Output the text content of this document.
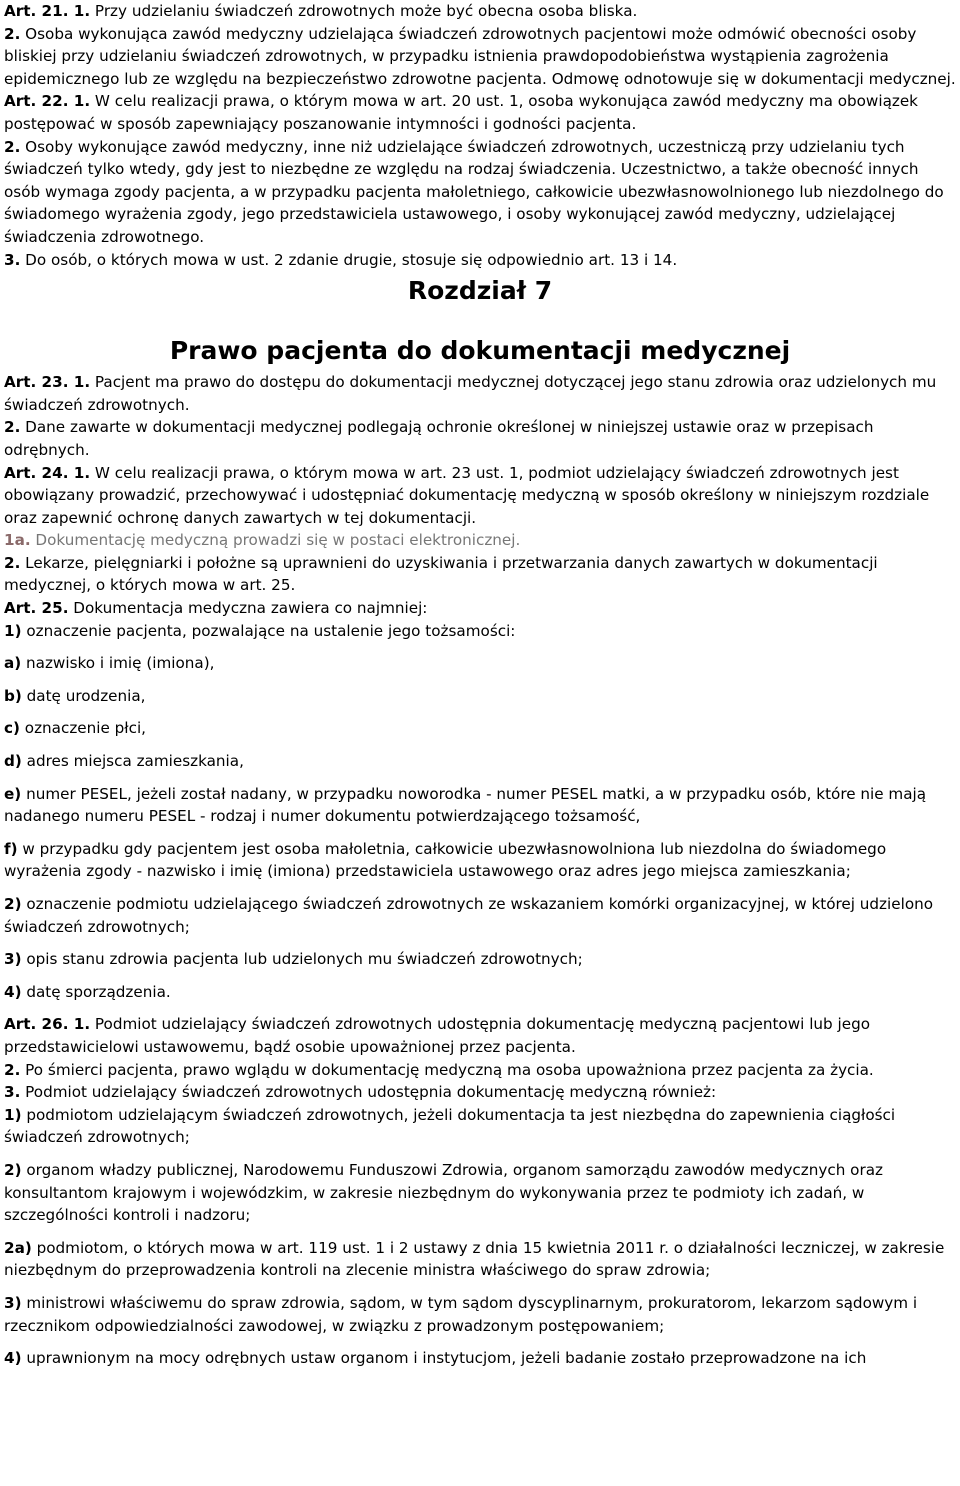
Art. 21. 1. Przy udzielaniu świadczeń zdrowotnych może być obecna osoba bliska.

2. Osoba wykonująca zawód medyczny udzielająca świadczeń zdrowotnych pacjentowi może odmówić obecności osoby bliskiej przy udzielaniu świadczeń zdrowotnych, w przypadku istnienia prawdopodobieństwa wystąpienia zagrożenia epidemicznego lub ze względu na bezpieczeństwo zdrowotne pacjenta. Odmowę odnotowuje się w dokumentacji medycznej.

Art. 22. 1. W celu realizacji prawa, o którym mowa w art. 20 ust. 1, osoba wykonująca zawód medyczny ma obowiązek postępować w sposób zapewniający poszanowanie intymności i godności pacjenta.

2. Osoby wykonujące zawód medyczny, inne niż udzielające świadczeń zdrowotnych, uczestniczą przy udzielaniu tych świadczeń tylko wtedy, gdy jest to niezbędne ze względu na rodzaj świadczenia. Uczestnictwo, a także obecność innych osób wymaga zgody pacjenta, a w przypadku pacjenta małoletniego, całkowicie ubezwłasnowolnionego lub niezdolnego do świadomego wyrażenia zgody, jego przedstawiciela ustawowego, i osoby wykonującej zawód medyczny, udzielającej świadczenia zdrowotnego.

3. Do osób, o których mowa w ust. 2 zdanie drugie, stosuje się odpowiednio art. 13 i 14.

Rozdział 7
Prawo pacjenta do dokumentacji medycznej

Art. 23. 1. Pacjent ma prawo do dostępu do dokumentacji medycznej dotyczącej jego stanu zdrowia oraz udzielonych mu świadczeń zdrowotnych.

2. Dane zawarte w dokumentacji medycznej podlegają ochronie określonej w niniejszej ustawie oraz w przepisach odrębnych.

Art. 24. 1. W celu realizacji prawa, o którym mowa w art. 23 ust. 1, podmiot udzielający świadczeń zdrowotnych jest obowiązany prowadzić, przechowywać i udostępniać dokumentację medyczną w sposób określony w niniejszym rozdziale oraz zapewnić ochronę danych zawartych w tej dokumentacji.

1a. Dokumentację medyczną prowadzi się w postaci elektronicznej.

2. Lekarze, pielęgniarki i położne są uprawnieni do uzyskiwania i przetwarzania danych zawartych w dokumentacji medycznej, o których mowa w art. 25.

Art. 25. Dokumentacja medyczna zawiera co najmniej:

1) oznaczenie pacjenta, pozwalające na ustalenie jego tożsamości:

a) nazwisko i imię (imiona),

b) datę urodzenia,

c) oznaczenie płci,

d) adres miejsca zamieszkania,

e) numer PESEL, jeżeli został nadany, w przypadku noworodka - numer PESEL matki, a w przypadku osób, które nie mają nadanego numeru PESEL - rodzaj i numer dokumentu potwierdzającego tożsamość,

f) w przypadku gdy pacjentem jest osoba małoletnia, całkowicie ubezwłasnowolniona lub niezdolna do świadomego wyrażenia zgody - nazwisko i imię (imiona) przedstawiciela ustawowego oraz adres jego miejsca zamieszkania;

2) oznaczenie podmiotu udzielającego świadczeń zdrowotnych ze wskazaniem komórki organizacyjnej, w której udzielono świadczeń zdrowotnych;

3) opis stanu zdrowia pacjenta lub udzielonych mu świadczeń zdrowotnych;

4) datę sporządzenia.

Art. 26. 1. Podmiot udzielający świadczeń zdrowotnych udostępnia dokumentację medyczną pacjentowi lub jego przedstawicielowi ustawowemu, bądź osobie upoważnionej przez pacjenta.

2. Po śmierci pacjenta, prawo wglądu w dokumentację medyczną ma osoba upoważniona przez pacjenta za życia.

3. Podmiot udzielający świadczeń zdrowotnych udostępnia dokumentację medyczną również:

1) podmiotom udzielającym świadczeń zdrowotnych, jeżeli dokumentacja ta jest niezbędna do zapewnienia ciągłości świadczeń zdrowotnych;

2) organom władzy publicznej, Narodowemu Funduszowi Zdrowia, organom samorządu zawodów medycznych oraz konsultantom krajowym i wojewódzkim, w zakresie niezbędnym do wykonywania przez te podmioty ich zadań, w szczególności kontroli i nadzoru;

2a) podmiotom, o których mowa w art. 119 ust. 1 i 2 ustawy z dnia 15 kwietnia 2011 r. o działalności leczniczej, w zakresie niezbędnym do przeprowadzenia kontroli na zlecenie ministra właściwego do spraw zdrowia;

3) ministrowi właściwemu do spraw zdrowia, sądom, w tym sądom dyscyplinarnym, prokuratorom, lekarzom sądowym i rzecznikom odpowiedzialności zawodowej, w związku z prowadzonym postępowaniem;

4) uprawnionym na mocy odrębnych ustaw organom i instytucjom, jeżeli badanie zostało przeprowadzone na ich
